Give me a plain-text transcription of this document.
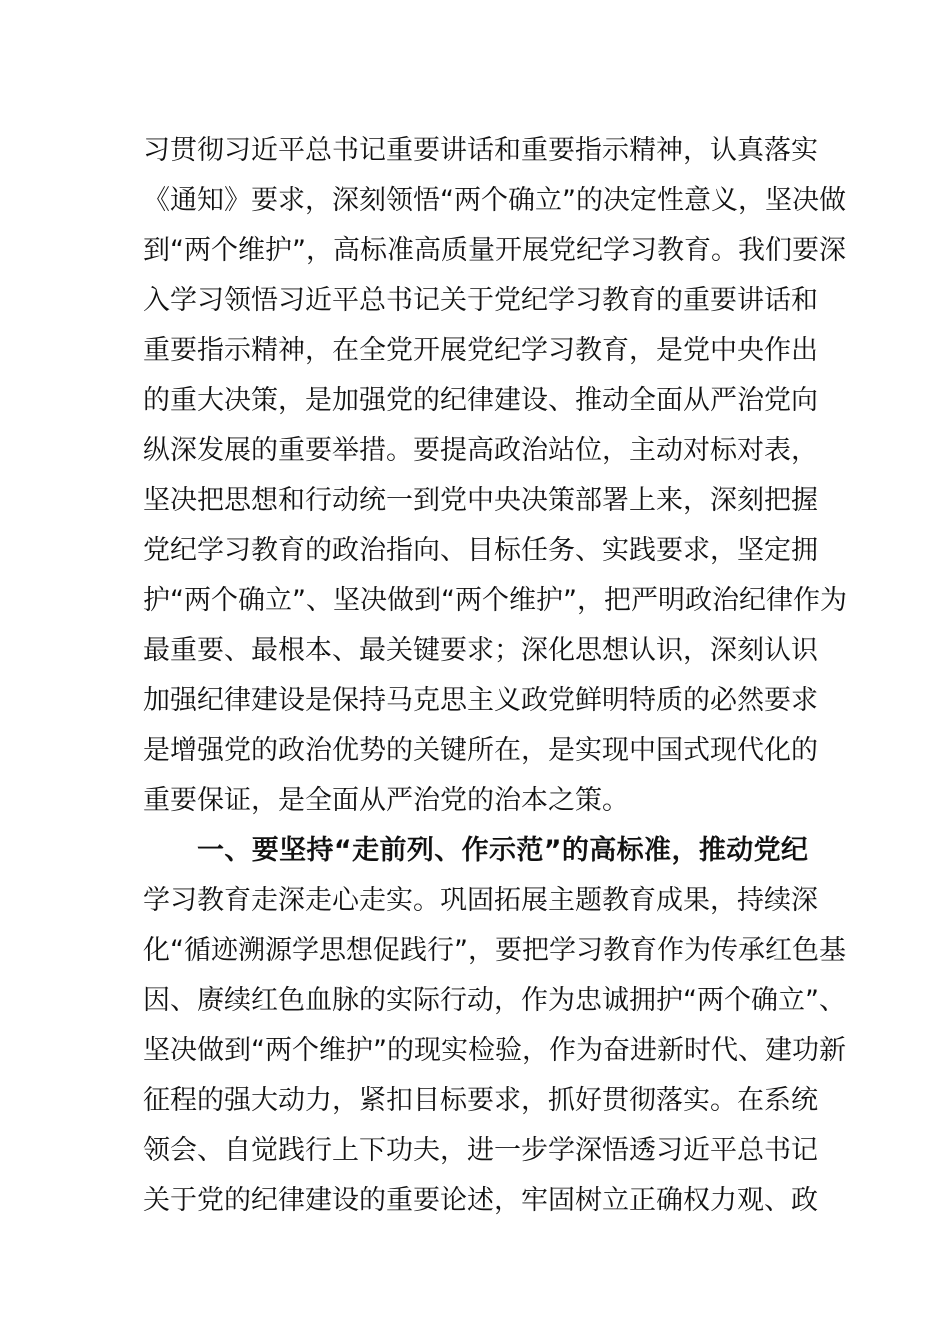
习贯彻习近平总书记重要讲话和重要指示精神，认真落实
《通知》要求，深刻领悟“两个确立”的决定性意义，坚决做
到“两个维护”，高标准高质量开展党纪学习教育。我们要深
入学习领悟习近平总书记关于党纪学习教育的重要讲话和
重要指示精神，在全党开展党纪学习教育，是党中央作出
的重大决策，是加强党的纪律建设、推动全面从严治党向
纵深发展的重要举措。要提高政治站位，主动对标对表，
坚决把思想和行动统一到党中央决策部署上来，深刻把握
党纪学习教育的政治指向、目标任务、实践要求，坚定拥
护“两个确立”、坚决做到“两个维护”，把严明政治纪律作为
最重要、最根本、最关键要求；深化思想认识，深刻认识
加强纪律建设是保持马克思主义政党鲜明特质的必然要求
是增强党的政治优势的关键所在，是实现中国式现代化的
重要保证，是全面从严治党的治本之策。
一、要坚持“走前列、作示范”的高标准，推动党纪
学习教育走深走心走实。巩固拓展主题教育成果，持续深
化“循迹溯源学思想促践行”，要把学习教育作为传承红色基
因、赓续红色血脉的实际行动，作为忠诚拥护“两个确立”、
坚决做到“两个维护”的现实检验，作为奋进新时代、建功新
征程的强大动力，紧扣目标要求，抓好贯彻落实。在系统
领会、自觉践行上下功夫，进一步学深悟透习近平总书记
关于党的纪律建设的重要论述，牢固树立正确权力观、政
